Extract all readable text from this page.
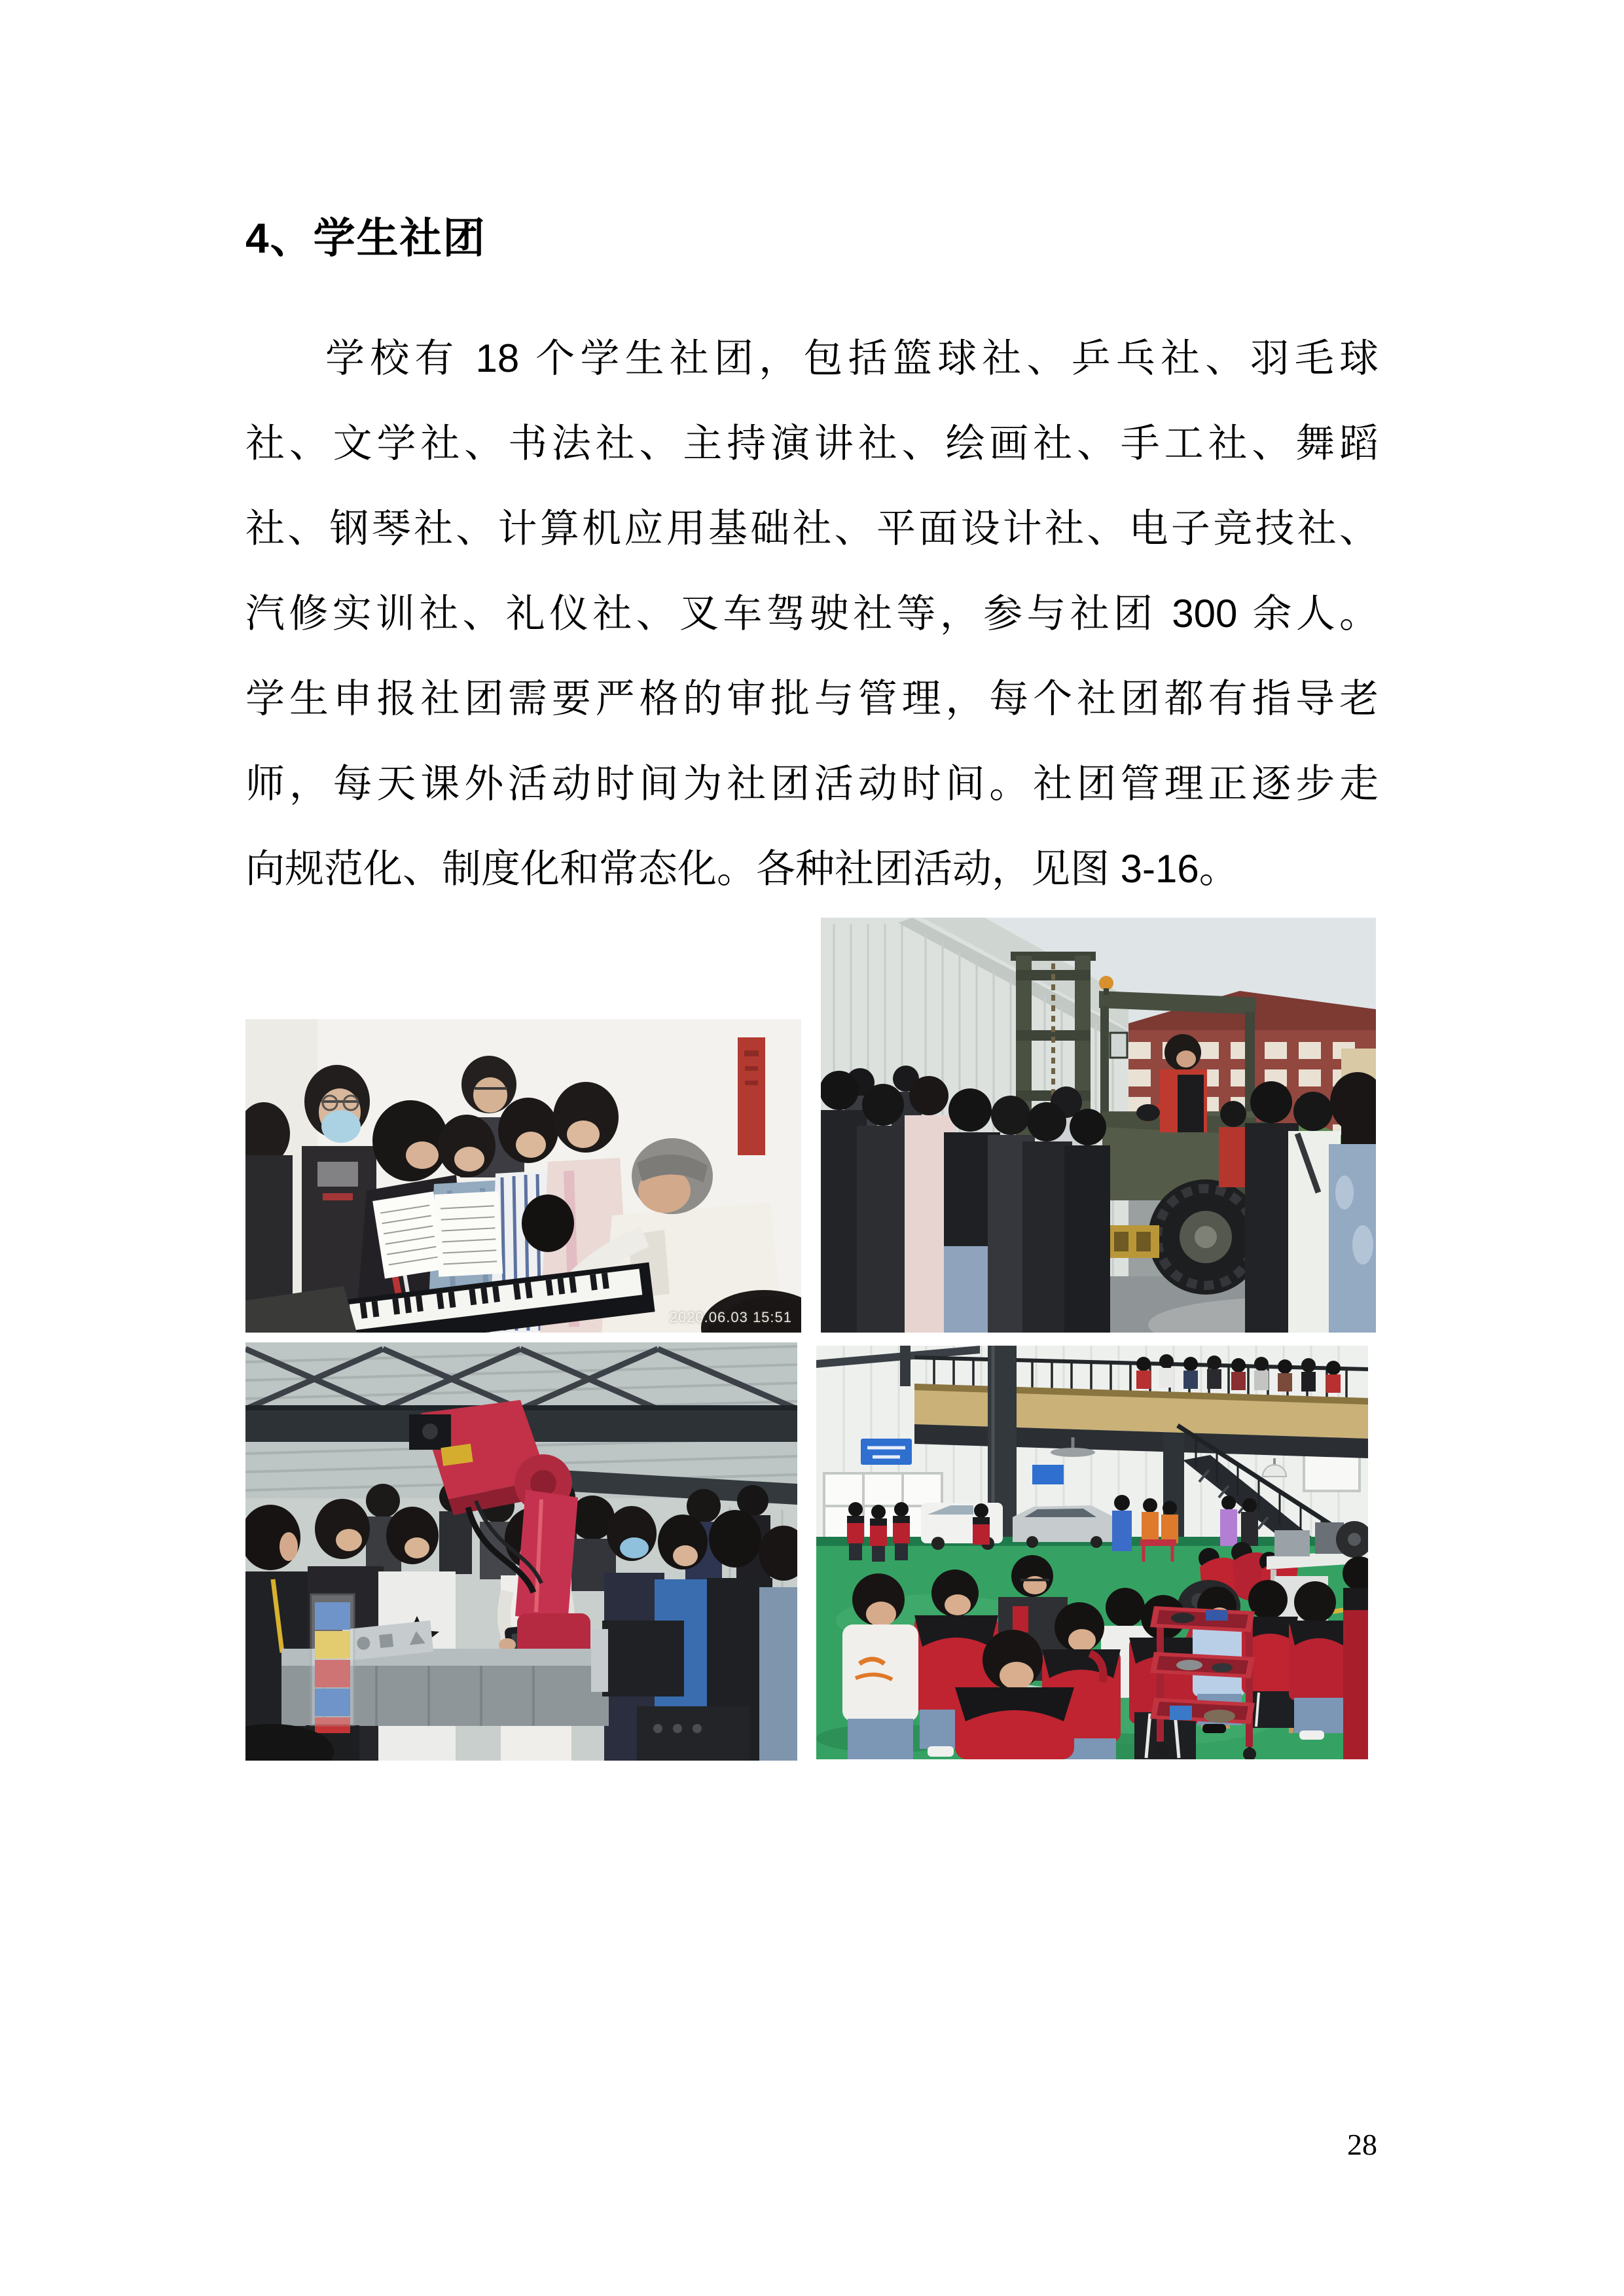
4、学生社团
学校有 18 个学生社团，包括篮球社、乒乓社、羽毛球
社、文学社、书法社、主持演讲社、绘画社、手工社、舞蹈
社、钢琴社、计算机应用基础社、平面设计社、电子竞技社、
汽修实训社、礼仪社、叉车驾驶社等，参与社团 300 余人。
学生申报社团需要严格的审批与管理，每个社团都有指导老
师，每天课外活动时间为社团活动时间。社团管理正逐步走
向规范化、制度化和常态化。各种社团活动，见图 3-16。
2020.06.03 15:51
28
